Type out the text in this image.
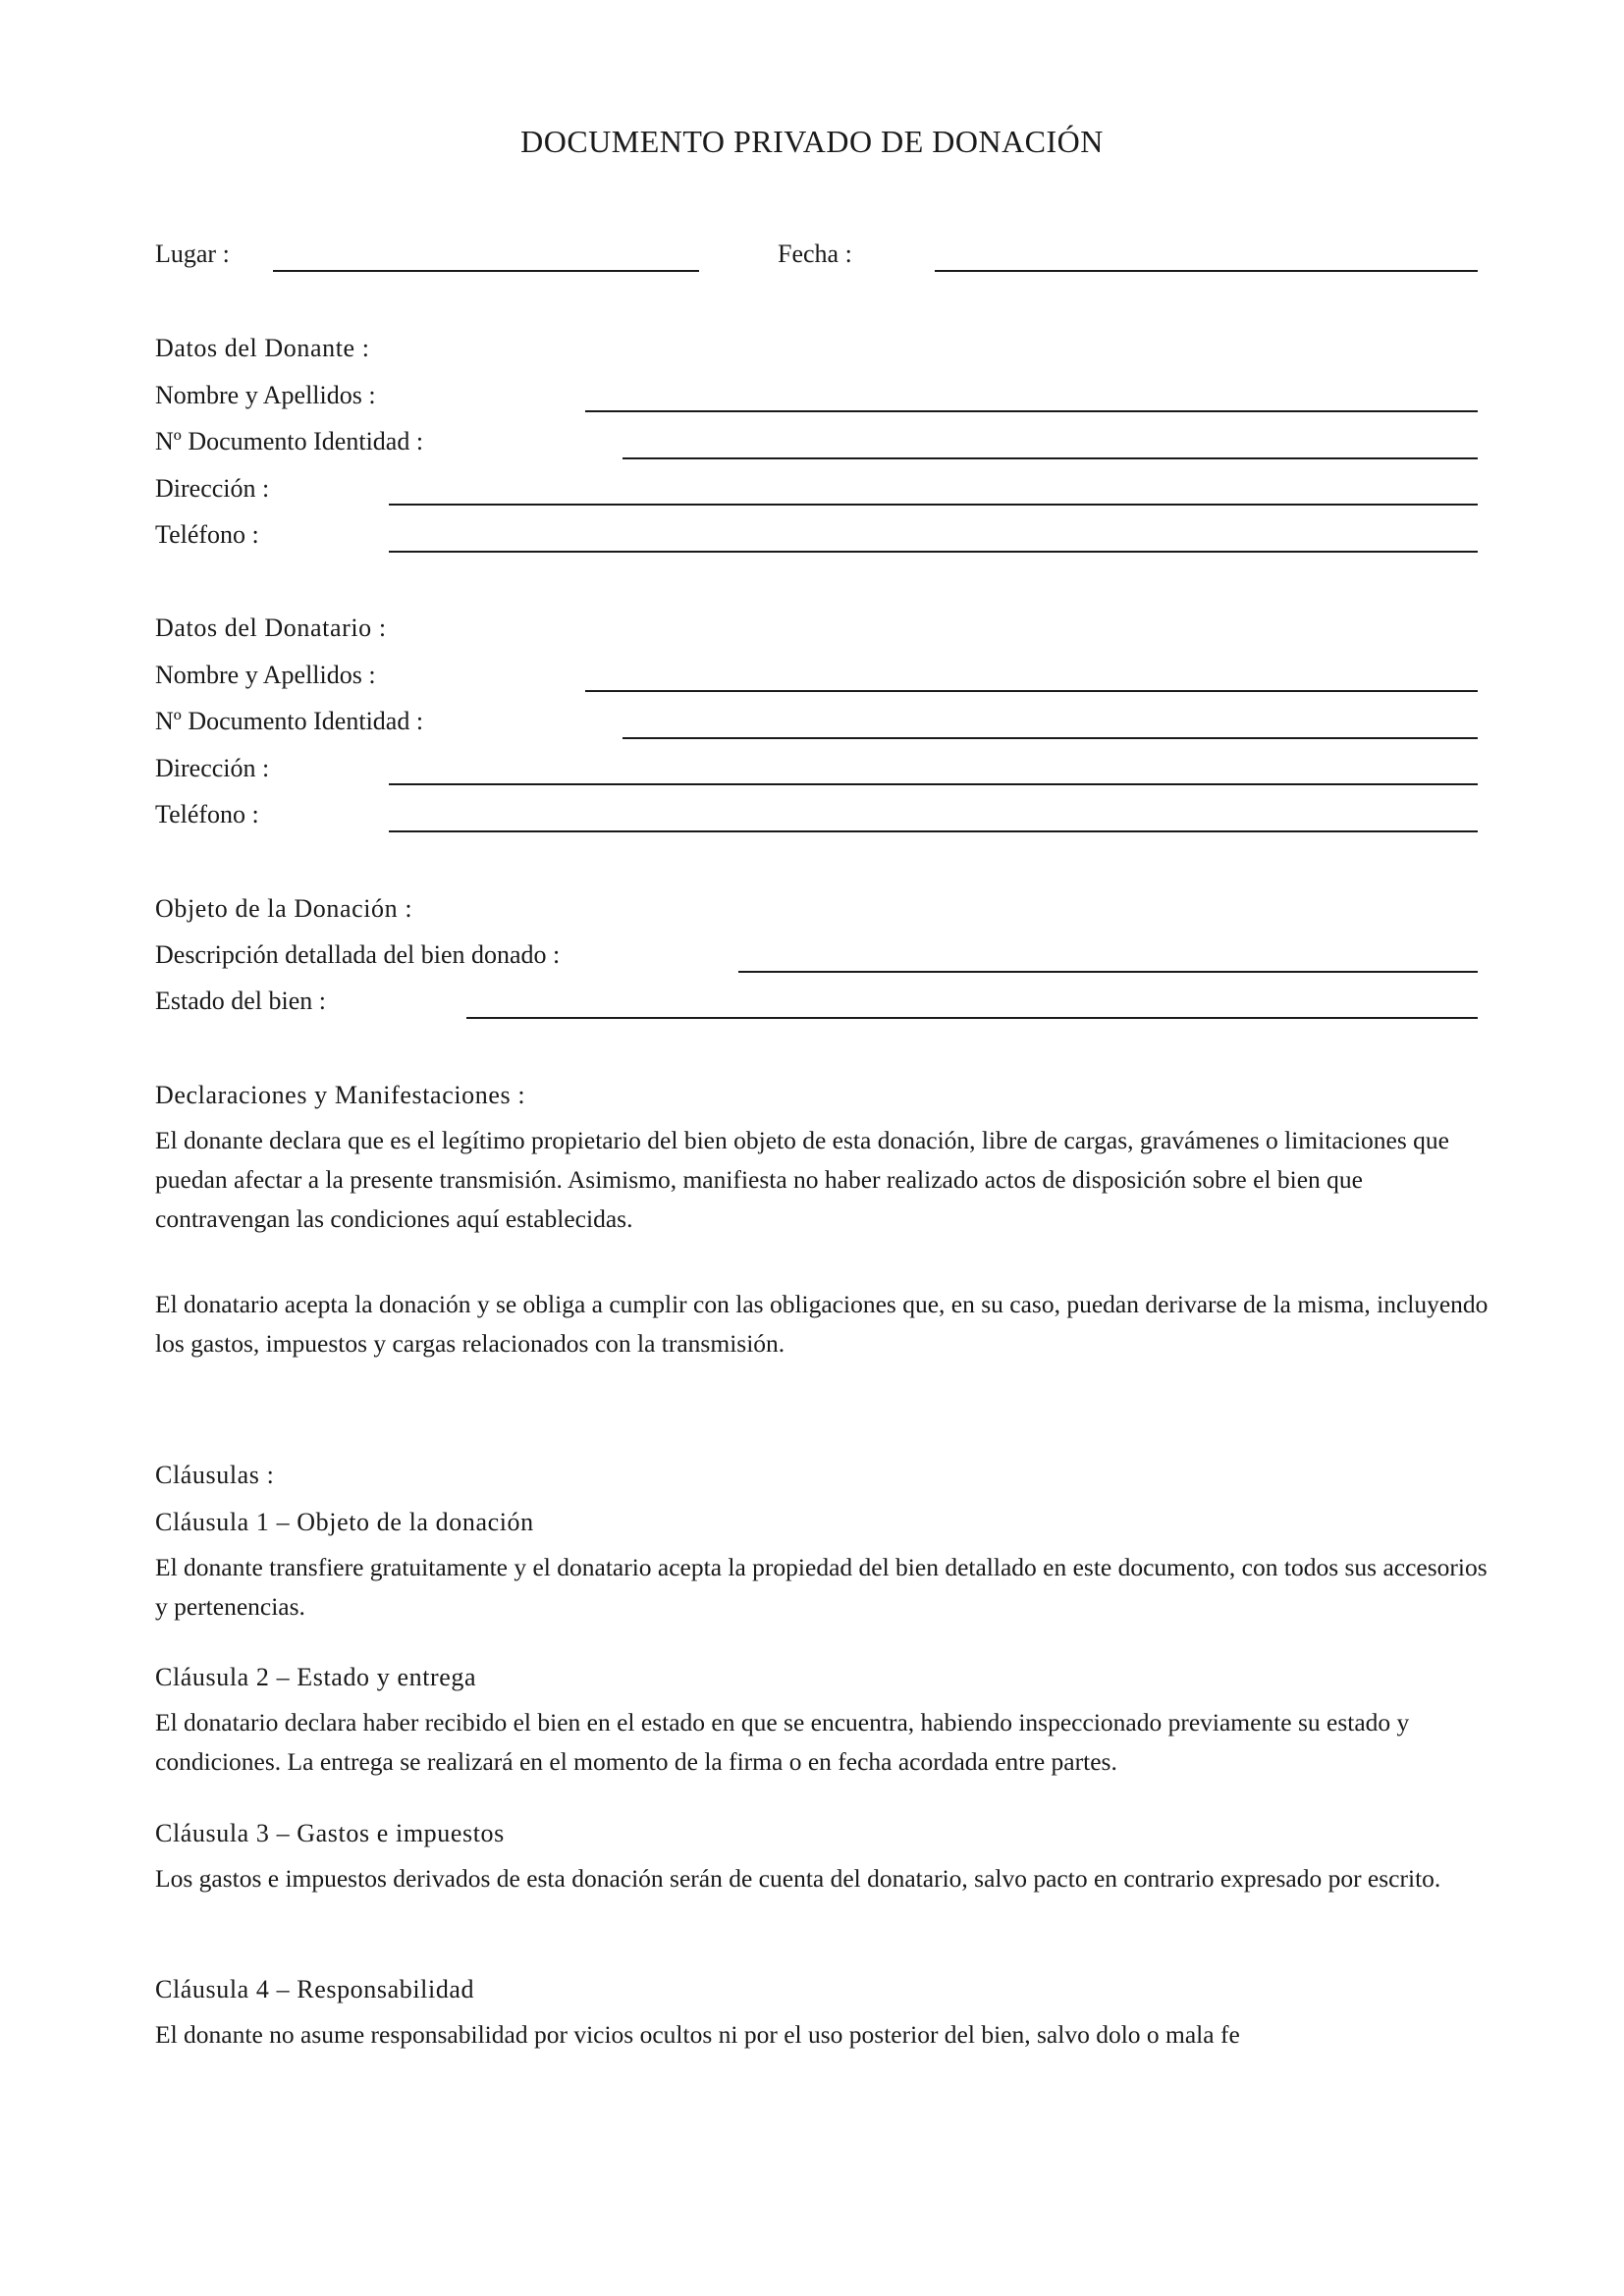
DOCUMENTO PRIVADO DE DONACIÓN
Lugar :	Fecha :
Datos del Donante :
Nombre y Apellidos :
Nº Documento Identidad :
Dirección :
Teléfono :
Datos del Donatario :
Nombre y Apellidos :
Nº Documento Identidad :
Dirección :
Teléfono :
Objeto de la Donación :
Descripción detallada del bien donado :
Estado del bien :
Declaraciones y Manifestaciones :
El donante declara que es el legítimo propietario del bien objeto de esta donación, libre de cargas, gravámenes o limitaciones que puedan afectar a la presente transmisión. Asimismo, manifiesta no haber realizado actos de disposición sobre el bien que contravengan las condiciones aquí establecidas.
El donatario acepta la donación y se obliga a cumplir con las obligaciones que, en su caso, puedan derivarse de la misma, incluyendo los gastos, impuestos y cargas relacionados con la transmisión.
Cláusulas :
Cláusula 1 – Objeto de la donación
El donante transfiere gratuitamente y el donatario acepta la propiedad del bien detallado en este documento, con todos sus accesorios y pertenencias.
Cláusula 2 – Estado y entrega
El donatario declara haber recibido el bien en el estado en que se encuentra, habiendo inspeccionado previamente su estado y condiciones. La entrega se realizará en el momento de la firma o en fecha acordada entre partes.
Cláusula 3 – Gastos e impuestos
Los gastos e impuestos derivados de esta donación serán de cuenta del donatario, salvo pacto en contrario expresado por escrito.
Cláusula 4 – Responsabilidad
El donante no asume responsabilidad por vicios ocultos ni por el uso posterior del bien, salvo dolo o mala fe
